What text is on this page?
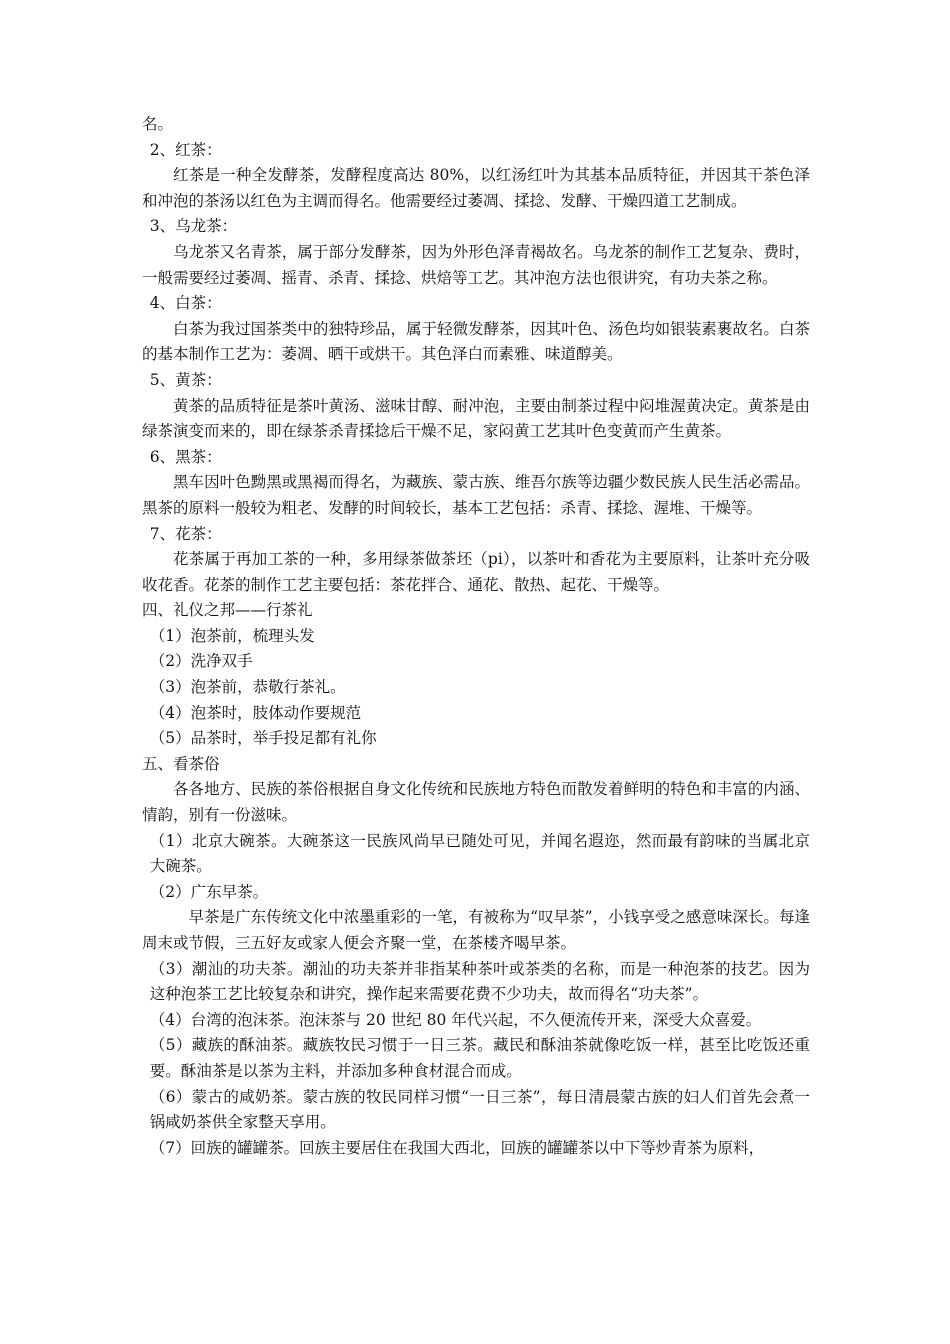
名。

2、红茶：

红茶是一种全发酵茶，发酵程度高达 80%，以红汤红叶为其基本品质特征，并因其干茶色泽和冲泡的茶汤以红色为主调而得名。他需要经过萎凋、揉捻、发酵、干燥四道工艺制成。

3、乌龙茶：

乌龙茶又名青茶，属于部分发酵茶，因为外形色泽青褐故名。乌龙茶的制作工艺复杂、费时，一般需要经过萎凋、摇青、杀青、揉捻、烘焙等工艺。其冲泡方法也很讲究，有功夫茶之称。

4、白茶：

白茶为我过国茶类中的独特珍品，属于轻微发酵茶，因其叶色、汤色均如银装素裹故名。白茶的基本制作工艺为：萎凋、晒干或烘干。其色泽白而素雅、味道醇美。

5、黄茶：

黄茶的品质特征是茶叶黄汤、滋味甘醇、耐冲泡，主要由制茶过程中闷堆渥黄决定。黄茶是由绿茶演变而来的，即在绿茶杀青揉捻后干燥不足，家闷黄工艺其叶色变黄而产生黄茶。

6、黑茶：

黑车因叶色黝黑或黑褐而得名，为藏族、蒙古族、维吾尔族等边疆少数民族人民生活必需品。黑茶的原料一般较为粗老、发酵的时间较长，基本工艺包括：杀青、揉捻、渥堆、干燥等。

7、花茶：

花茶属于再加工茶的一种，多用绿茶做茶坯（pi），以茶叶和香花为主要原料，让茶叶充分吸收花香。花茶的制作工艺主要包括：茶花拌合、通花、散热、起花、干燥等。

四、礼仪之邦——行茶礼

（1）泡茶前，梳理头发

（2）洗净双手

（3）泡茶前，恭敬行茶礼。

（4）泡茶时，肢体动作要规范

（5）品茶时，举手投足都有礼你

五、看茶俗

各各地方、民族的茶俗根据自身文化传统和民族地方特色而散发着鲜明的特色和丰富的内涵、情韵，别有一份滋味。

（1）北京大碗茶。大碗茶这一民族风尚早已随处可见，并闻名遐迩，然而最有韵味的当属北京大碗茶。

（2）广东早茶。

早茶是广东传统文化中浓墨重彩的一笔，有被称为“叹早茶”，小钱享受之感意味深长。每逢周末或节假，三五好友或家人便会齐聚一堂，在茶楼齐喝早茶。

（3）潮汕的功夫茶。潮汕的功夫茶并非指某种茶叶或茶类的名称，而是一种泡茶的技艺。因为这种泡茶工艺比较复杂和讲究，操作起来需要花费不少功夫，故而得名“功夫茶”。

（4）台湾的泡沫茶。泡沫茶与 20 世纪 80 年代兴起，不久便流传开来，深受大众喜爱。

（5）藏族的酥油茶。藏族牧民习惯于一日三茶。藏民和酥油茶就像吃饭一样，甚至比吃饭还重要。酥油茶是以茶为主料，并添加多种食材混合而成。

（6）蒙古的咸奶茶。蒙古族的牧民同样习惯“一日三茶”，每日清晨蒙古族的妇人们首先会煮一锅咸奶茶供全家整天享用。

（7）回族的罐罐茶。回族主要居住在我国大西北，回族的罐罐茶以中下等炒青茶为原料，
